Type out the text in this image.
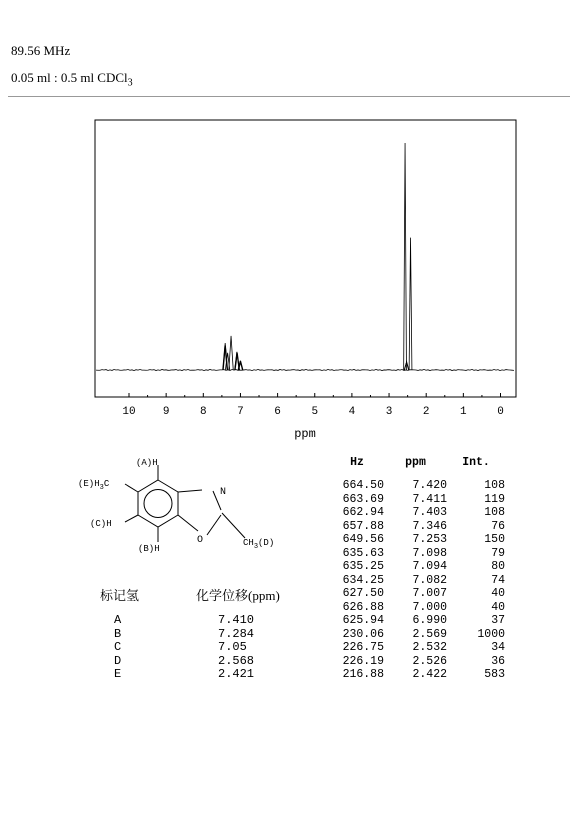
89.56 MHz
0.05 ml : 0.5 ml CDCl$_3$
10 9	8	7	6	5	4	3	2	1	0
ppm
(A)H
$(E)H_3C$
(C)H
(B)H
N
O	$CH_3(D)$
标记氢	化学位移(ppm)
A	7.410
B	7.284
C	7.05
D	2.568
E	2.421
Hz	ppm	Int.
664.50	7.420	108
663.69	7.411	119
662.94	7.403	108
657.88	7.346	76
649.56	7.253	150
635.63	7.098	79
635.25	7.094	80
634.25	7.082	74
627.50	7.007	40
626.88	7.000	40
625.94	6.990	37
230.06	2.569	1000
226.75	2.532	34
226.19	2.526	36
216.88	2.422	583
